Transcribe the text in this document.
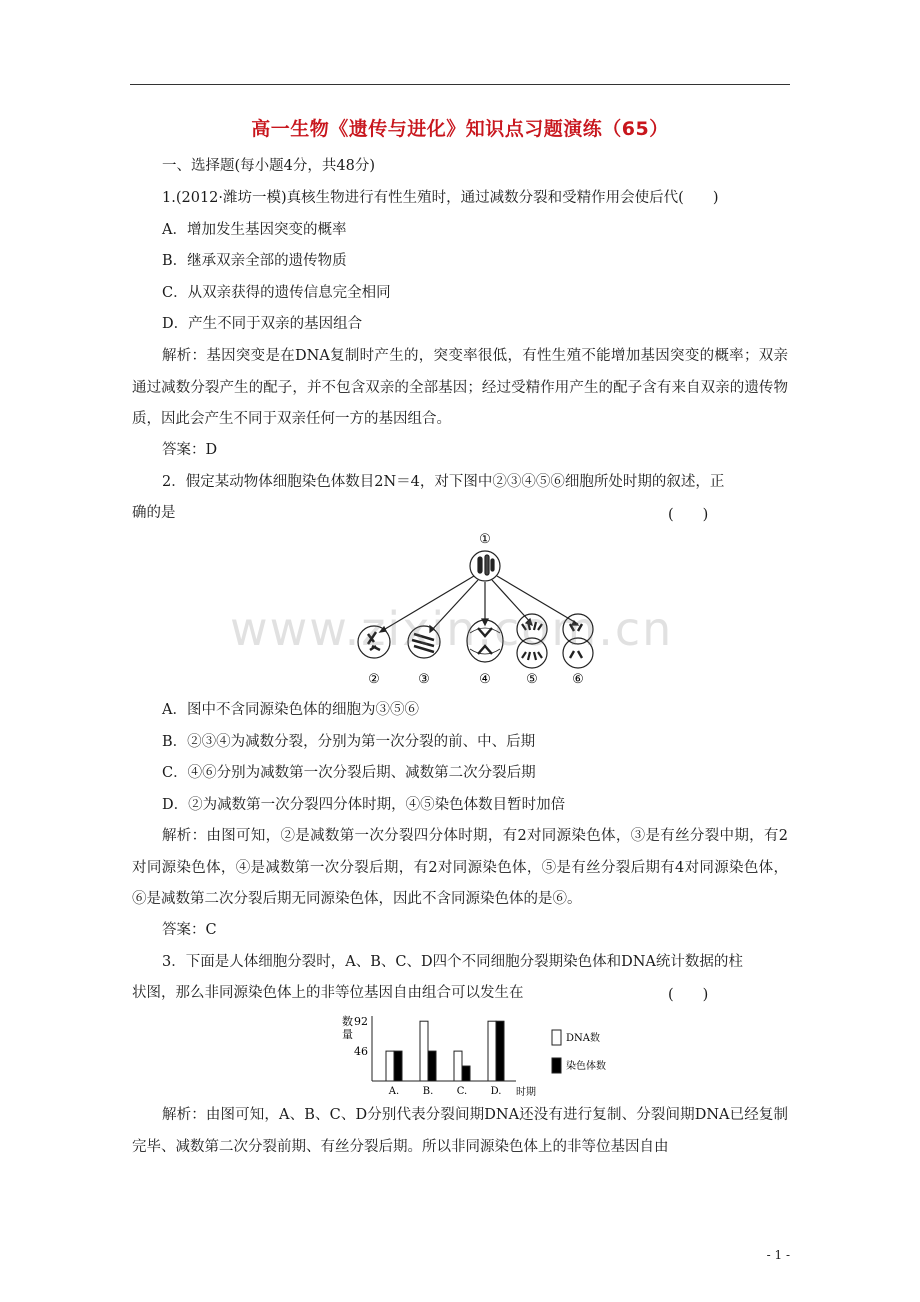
高一生物《遗传与进化》知识点习题演练（65）
一、选择题(每小题4分，共48分)
1.(2012·潍坊一模)真核生物进行有性生殖时，通过减数分裂和受精作用会使后代(　　)
A．增加发生基因突变的概率
B．继承双亲全部的遗传物质
C．从双亲获得的遗传信息完全相同
D．产生不同于双亲的基因组合
解析：基因突变是在DNA复制时产生的，突变率很低，有性生殖不能增加基因突变的概率；双亲通过减数分裂产生的配子，并不包含双亲的全部基因；经过受精作用产生的配子含有来自双亲的遗传物质，因此会产生不同于双亲任何一方的基因组合。
答案：D
2．假定某动物体细胞染色体数目2N＝4，对下图中②③④⑤⑥细胞所处时期的叙述，正
确的是	(　　)
①
②	③	④	⑤	⑥
www.zixin.com.cn
A．图中不含同源染色体的细胞为③⑤⑥
B．②③④为减数分裂，分别为第一次分裂的前、中、后期
C．④⑥分别为减数第一次分裂后期、减数第二次分裂后期
D．②为减数第一次分裂四分体时期，④⑤染色体数目暂时加倍
解析：由图可知，②是减数第一次分裂四分体时期，有2对同源染色体，③是有丝分裂中期，有2对同源染色体，④是减数第一次分裂后期，有2对同源染色体，⑤是有丝分裂后期有4对同源染色体，⑥是减数第二次分裂后期无同源染色体，因此不含同源染色体的是⑥。
答案：C
3．下面是人体细胞分裂时，A、B、C、D四个不同细胞分裂期染色体和DNA统计数据的柱
状图，那么非同源染色体上的非等位基因自由组合可以发生在	(　　)
数
量
46
92
A. B. C. D. 时期
DNA数
染色体数
解析：由图可知，A、B、C、D分别代表分裂间期DNA还没有进行复制、分裂间期DNA已经复制完毕、减数第二次分裂前期、有丝分裂后期。所以非同源染色体上的非等位基因自由
- 1 -
